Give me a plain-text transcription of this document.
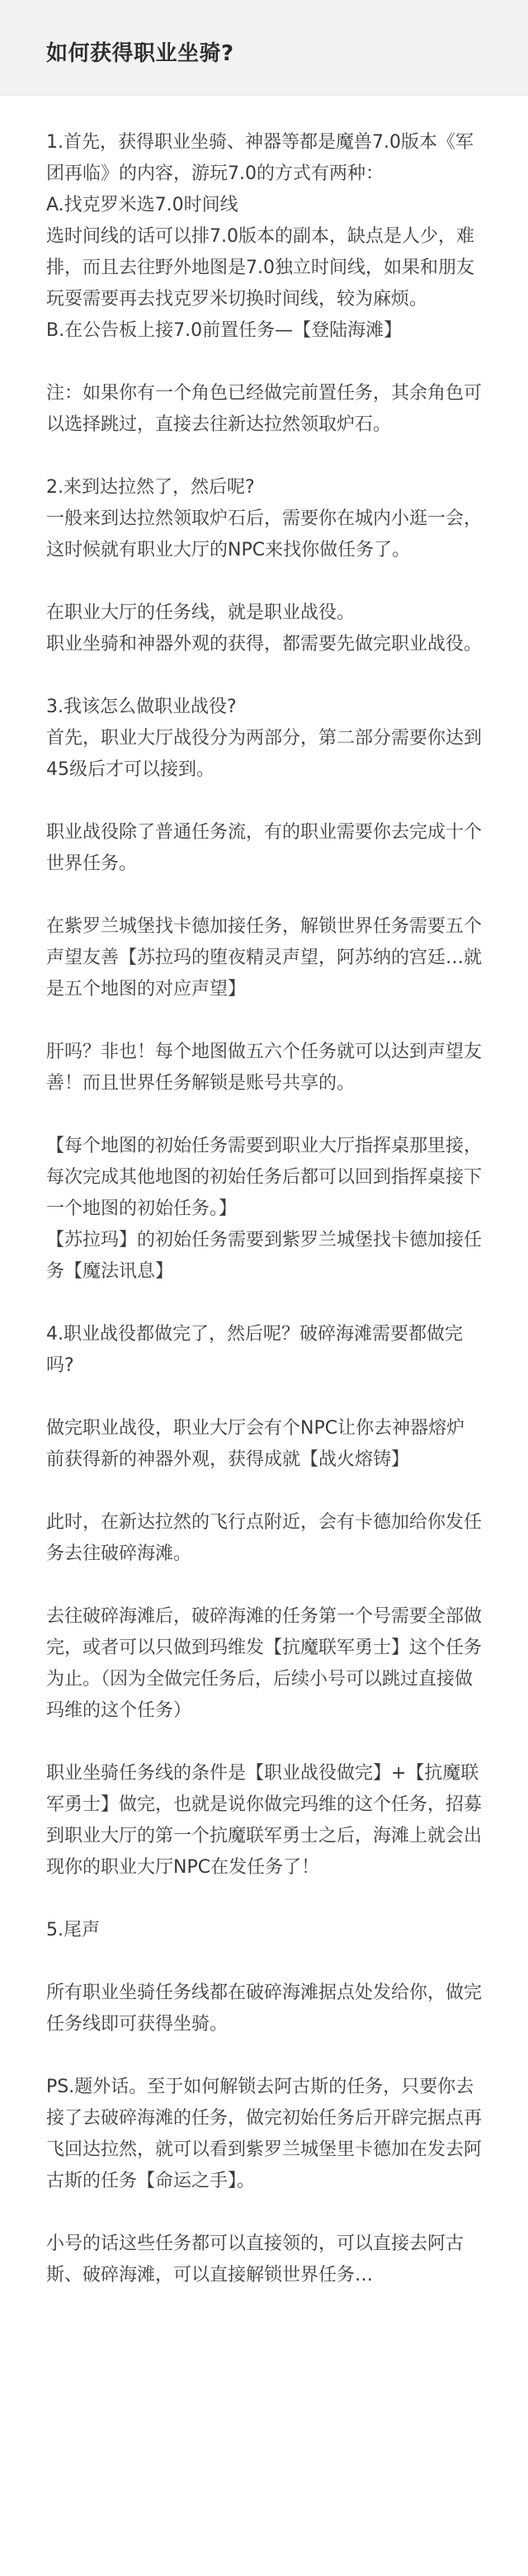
如何获得职业坐骑?
1.首先，获得职业坐骑、神器等都是魔兽7.0版本《军团再临》的内容，游玩7.0的方式有两种：
A.找克罗米选7.0时间线
选时间线的话可以排7.0版本的副本，缺点是人少，难排，而且去往野外地图是7.0独立时间线，如果和朋友玩耍需要再去找克罗米切换时间线，较为麻烦。
B.在公告板上接7.0前置任务—【登陆海滩】
注：如果你有一个角色已经做完前置任务，其余角色可以选择跳过，直接去往新达拉然领取炉石。
2.来到达拉然了，然后呢?
一般来到达拉然领取炉石后，需要你在城内小逛一会，这时候就有职业大厅的NPC来找你做任务了。
在职业大厅的任务线，就是职业战役。
职业坐骑和神器外观的获得，都需要先做完职业战役。
3.我该怎么做职业战役?
首先，职业大厅战役分为两部分，第二部分需要你达到45级后才可以接到。
职业战役除了普通任务流，有的职业需要你去完成十个世界任务。
在紫罗兰城堡找卡德加接任务，解锁世界任务需要五个声望友善【苏拉玛的堕夜精灵声望，阿苏纳的宫廷…就是五个地图的对应声望】
肝吗？非也！每个地图做五六个任务就可以达到声望友善！而且世界任务解锁是账号共享的。
【每个地图的初始任务需要到职业大厅指挥桌那里接，每次完成其他地图的初始任务后都可以回到指挥桌接下一个地图的初始任务。】
【苏拉玛】的初始任务需要到紫罗兰城堡找卡德加接任务【魔法讯息】
4.职业战役都做完了，然后呢？破碎海滩需要都做完吗?
做完职业战役，职业大厅会有个NPC让你去神器熔炉前获得新的神器外观，获得成就【战火熔铸】
此时，在新达拉然的飞行点附近，会有卡德加给你发任务去往破碎海滩。
去往破碎海滩后，破碎海滩的任务第一个号需要全部做完，或者可以只做到玛维发【抗魔联军勇士】这个任务为止。（因为全做完任务后，后续小号可以跳过直接做玛维的这个任务）
职业坐骑任务线的条件是【职业战役做完】+【抗魔联军勇士】做完，也就是说你做完玛维的这个任务，招募到职业大厅的第一个抗魔联军勇士之后，海滩上就会出现你的职业大厅NPC在发任务了！
5.尾声
所有职业坐骑任务线都在破碎海滩据点处发给你，做完任务线即可获得坐骑。
PS.题外话。至于如何解锁去阿古斯的任务，只要你去接了去破碎海滩的任务，做完初始任务后开辟完据点再飞回达拉然，就可以看到紫罗兰城堡里卡德加在发去阿古斯的任务【命运之手】。
小号的话这些任务都可以直接领的，可以直接去阿古斯、破碎海滩，可以直接解锁世界任务…
